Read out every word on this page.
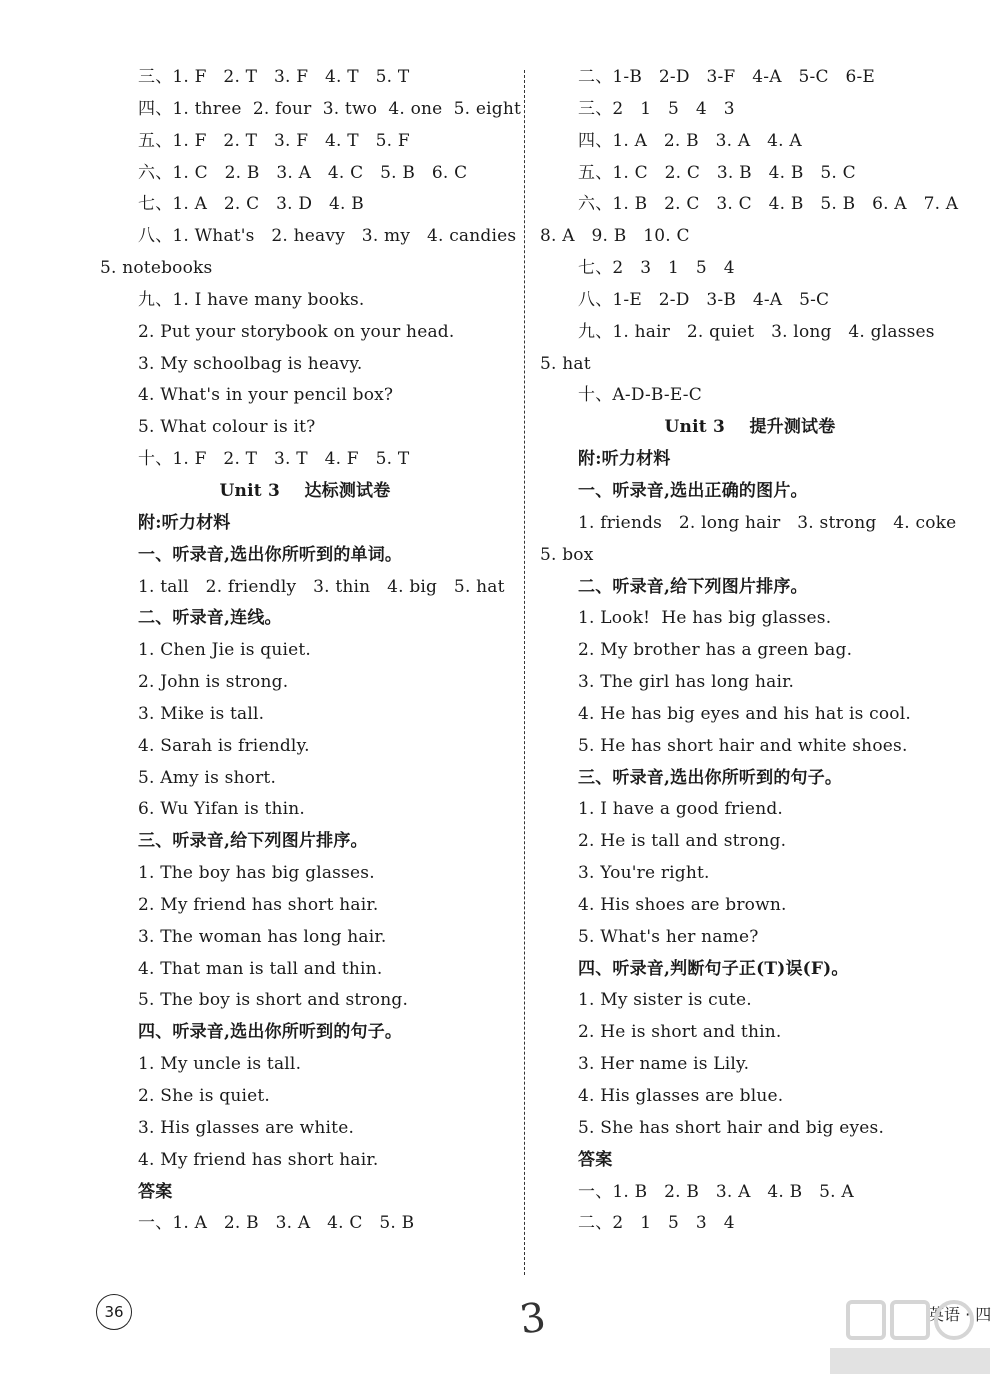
三、1. F   2. T   3. F   4. T   5. T
四、1. three  2. four  3. two  4. one  5. eight
五、1. F   2. T   3. F   4. T   5. F
六、1. C   2. B   3. A   4. C   5. B   6. C
七、1. A   2. C   3. D   4. B
八、1. What's   2. heavy   3. my   4. candies
5. notebooks
九、1. I have many books.
2. Put your storybook on your head.
3. My schoolbag is heavy.
4. What's in your pencil box?
5. What colour is it?
十、1. F   2. T   3. T   4. F   5. T
Unit 3    达标测试卷
附:听力材料
一、听录音,选出你所听到的单词。
1. tall   2. friendly   3. thin   4. big   5. hat
二、听录音,连线。
1. Chen Jie is quiet.
2. John is strong.
3. Mike is tall.
4. Sarah is friendly.
5. Amy is short.
6. Wu Yifan is thin.
三、听录音,给下列图片排序。
1. The boy has big glasses.
2. My friend has short hair.
3. The woman has long hair.
4. That man is tall and thin.
5. The boy is short and strong.
四、听录音,选出你所听到的句子。
1. My uncle is tall.
2. She is quiet.
3. His glasses are white.
4. My friend has short hair.
答案
一、1. A   2. B   3. A   4. C   5. B
二、1-B   2-D   3-F   4-A   5-C   6-E
三、2   1   5   4   3
四、1. A   2. B   3. A   4. A
五、1. C   2. C   3. B   4. B   5. C
六、1. B   2. C   3. C   4. B   5. B   6. A   7. A
8. A   9. B   10. C
七、2   3   1   5   4
八、1-E   2-D   3-B   4-A   5-C
九、1. hair   2. quiet   3. long   4. glasses
5. hat
十、A-D-B-E-C
Unit 3    提升测试卷
附:听力材料
一、听录音,选出正确的图片。
1. friends   2. long hair   3. strong   4. coke
5. box
二、听录音,给下列图片排序。
1. Look!  He has big glasses.
2. My brother has a green bag.
3. The girl has long hair.
4. He has big eyes and his hat is cool.
5. He has short hair and white shoes.
三、听录音,选出你所听到的句子。
1. I have a good friend.
2. He is tall and strong.
3. You're right.
4. His shoes are brown.
5. What's her name?
四、听录音,判断句子正(T)误(F)。
1. My sister is cute.
2. He is short and thin.
3. Her name is Lily.
4. His glasses are blue.
5. She has short hair and big eyes.
答案
一、1. B   2. B   3. A   4. B   5. A
二、2   1   5   3   4
36	3	英语 · 四
